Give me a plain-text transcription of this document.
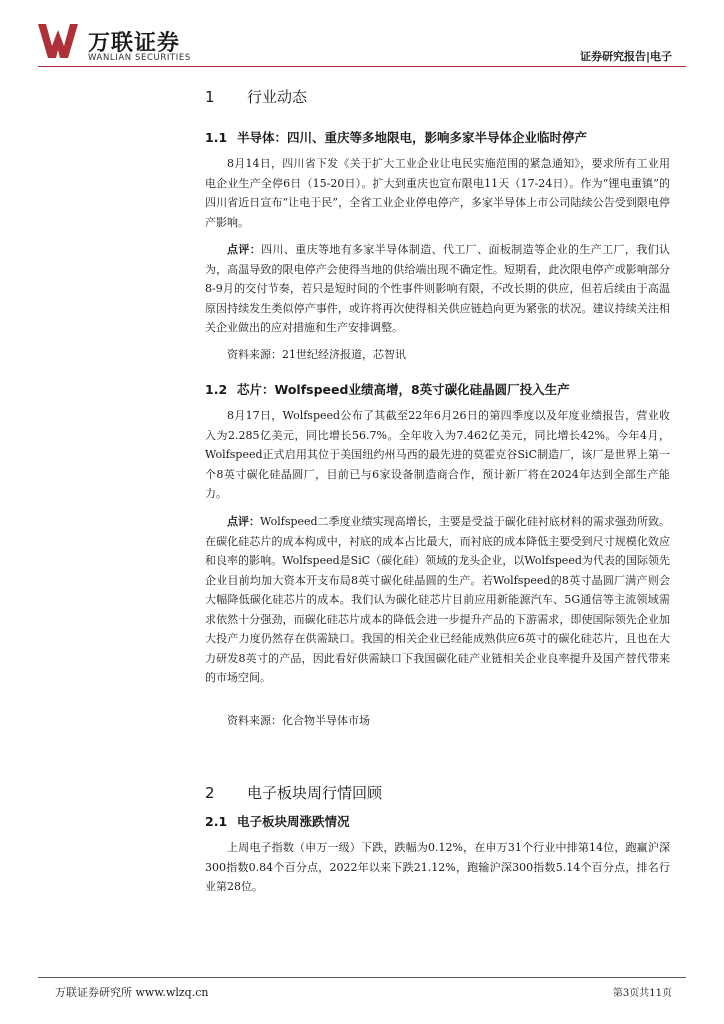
万联证券
WANLIAN SECURITIES	证券研究报告|电子
1 行业动态
1.1 半导体：四川、重庆等多地限电，影响多家半导体企业临时停产

8月14日，四川省下发《关于扩大工业企业让电民实施范围的紧急通知》，要求所有工业用电企业生产全停6日（15-20日）。扩大到重庆也宣布限电11天（17-24日）。作为“锂电重镇”的四川省近日宣布“让电于民”，全省工业企业停电停产，多家半导体上市公司陆续公告受到限电停产影响。

点评：四川、重庆等地有多家半导体制造、代工厂、面板制造等企业的生产工厂，我们认为，高温导致的限电停产会使得当地的供给端出现不确定性。短期看，此次限电停产或影响部分8-9月的交付节奏，若只是短时间的个性事件则影响有限，不改长期的供应，但若后续由于高温原因持续发生类似停产事件，或许将再次使得相关供应链趋向更为紧张的状况。建议持续关注相关企业做出的应对措施和生产安排调整。

资料来源：21世纪经济报道，芯智讯
1.2 芯片：Wolfspeed业绩高增，8英寸碳化硅晶圆厂投入生产

8月17日，Wolfspeed公布了其截至22年6月26日的第四季度以及年度业绩报告，营业收入为2.285亿美元，同比增长56.7%。全年收入为7.462亿美元，同比增长42%。今年4月，Wolfspeed正式启用其位于美国纽约州马西的最先进的莫霍克谷SiC制造厂，该厂是世界上第一个8英寸碳化硅晶圆厂，目前已与6家设备制造商合作，预计新厂将在2024年达到全部生产能力。

点评：Wolfspeed二季度业绩实现高增长，主要是受益于碳化硅衬底材料的需求强劲所致。在碳化硅芯片的成本构成中，衬底的成本占比最大，而衬底的成本降低主要受到尺寸规模化效应和良率的影响。Wolfspeed是SiC（碳化硅）领域的龙头企业，以Wolfspeed为代表的国际领先企业目前均加大资本开支布局8英寸碳化硅晶圆的生产。若Wolfspeed的8英寸晶圆厂满产则会大幅降低碳化硅芯片的成本。我们认为碳化硅芯片目前应用新能源汽车、5G通信等主流领域需求依然十分强劲，而碳化硅芯片成本的降低会进一步提升产品的下游需求，即使国际领先企业加大投产力度仍然存在供需缺口。我国的相关企业已经能成熟供应6英寸的碳化硅芯片，且也在大力研发8英寸的产品，因此看好供需缺口下我国碳化硅产业链相关企业良率提升及国产替代带来的市场空间。

资料来源：化合物半导体市场
2 电子板块周行情回顾
2.1 电子板块周涨跌情况

上周电子指数（申万一级）下跌，跌幅为0.12%，在申万31个行业中排第14位，跑赢沪深300指数0.84个百分点，2022年以来下跌21.12%，跑输沪深300指数5.14个百分点，排名行业第28位。

万联证券研究所 www.wlzq.cn	第3页共11页
